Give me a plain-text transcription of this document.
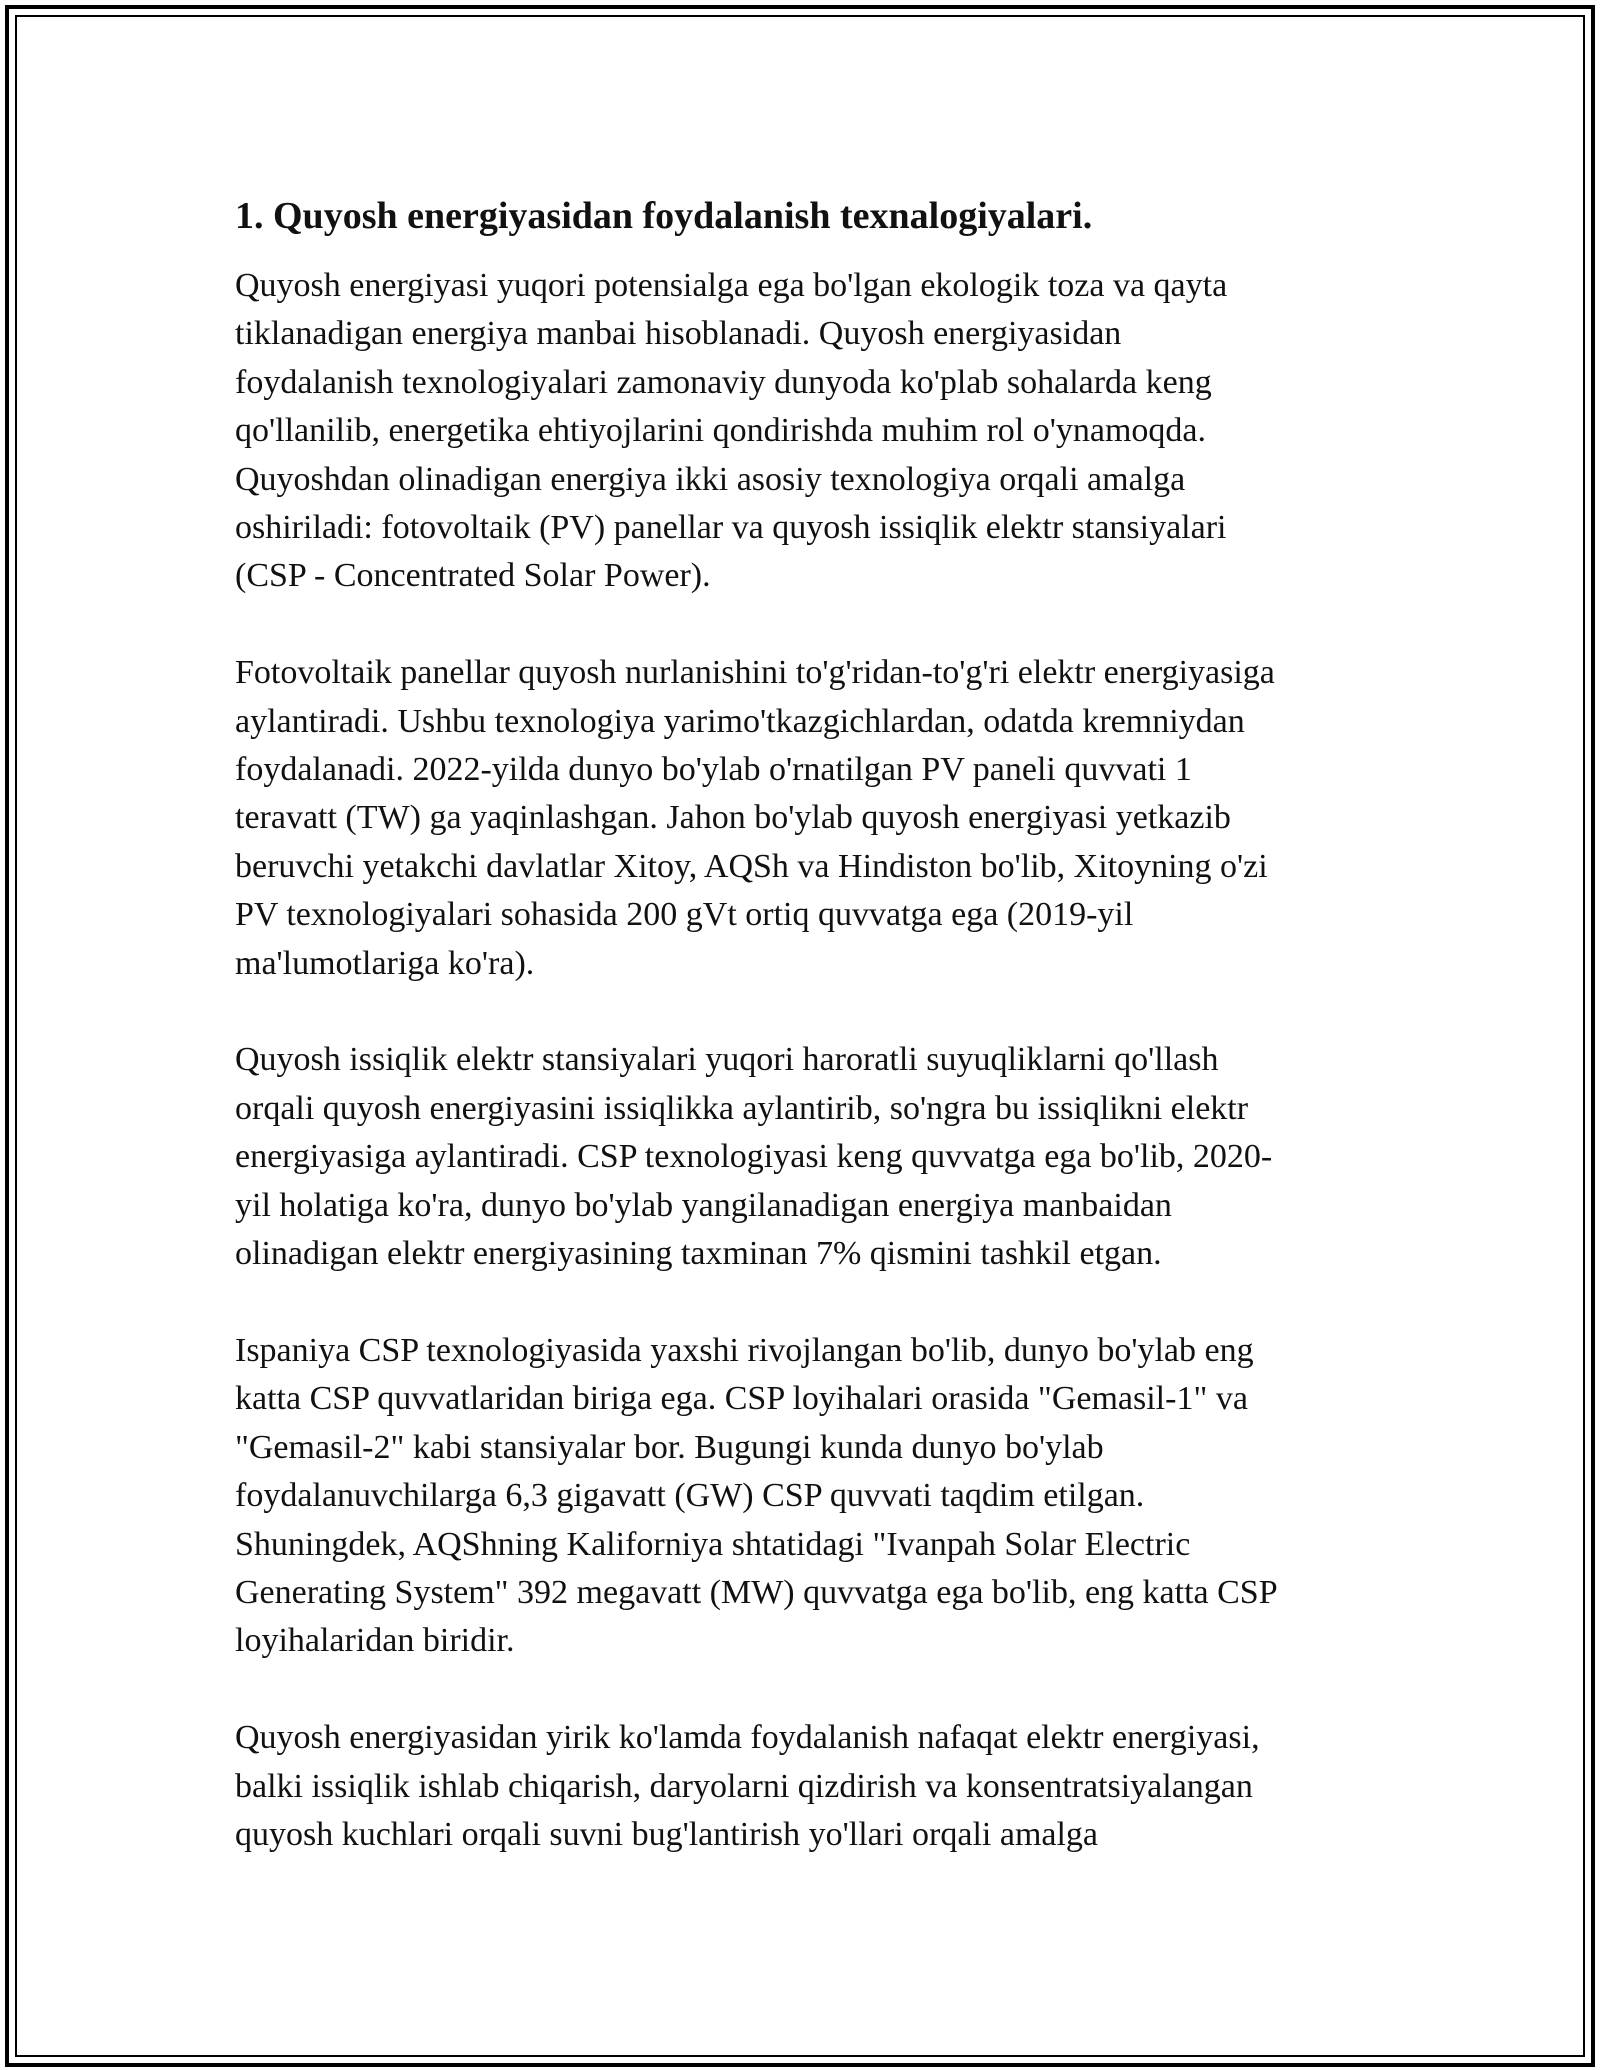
1. Quyosh energiyasidan foydalanish texnalogiyalari.

Quyosh energiyasi yuqori potensialga ega bo'lgan ekologik toza va qayta
tiklanadigan energiya manbai hisoblanadi. Quyosh energiyasidan
foydalanish texnologiyalari zamonaviy dunyoda ko'plab sohalarda keng
qo'llanilib, energetika ehtiyojlarini qondirishda muhim rol o'ynamoqda.
Quyoshdan olinadigan energiya ikki asosiy texnologiya orqali amalga
oshiriladi: fotovoltaik (PV) panellar va quyosh issiqlik elektr stansiyalari
(CSP - Concentrated Solar Power).

Fotovoltaik panellar quyosh nurlanishini to'g'ridan-to'g'ri elektr energiyasiga
aylantiradi. Ushbu texnologiya yarimo'tkazgichlardan, odatda kremniydan
foydalanadi. 2022-yilda dunyo bo'ylab o'rnatilgan PV paneli quvvati 1
teravatt (TW) ga yaqinlashgan. Jahon bo'ylab quyosh energiyasi yetkazib
beruvchi yetakchi davlatlar Xitoy, AQSh va Hindiston bo'lib, Xitoyning o'zi
PV texnologiyalari sohasida 200 gVt ortiq quvvatga ega (2019-yil
ma'lumotlariga ko'ra).

Quyosh issiqlik elektr stansiyalari yuqori haroratli suyuqliklarni qo'llash
orqali quyosh energiyasini issiqlikka aylantirib, so'ngra bu issiqlikni elektr
energiyasiga aylantiradi. CSP texnologiyasi keng quvvatga ega bo'lib, 2020-
yil holatiga ko'ra, dunyo bo'ylab yangilanadigan energiya manbaidan
olinadigan elektr energiyasining taxminan 7% qismini tashkil etgan.

Ispaniya CSP texnologiyasida yaxshi rivojlangan bo'lib, dunyo bo'ylab eng
katta CSP quvvatlaridan biriga ega. CSP loyihalari orasida "Gemasil-1" va
"Gemasil-2" kabi stansiyalar bor. Bugungi kunda dunyo bo'ylab
foydalanuvchilarga 6,3 gigavatt (GW) CSP quvvati taqdim etilgan.
Shuningdek, AQShning Kaliforniya shtatidagi "Ivanpah Solar Electric
Generating System" 392 megavatt (MW) quvvatga ega bo'lib, eng katta CSP
loyihalaridan biridir.

Quyosh energiyasidan yirik ko'lamda foydalanish nafaqat elektr energiyasi,
balki issiqlik ishlab chiqarish, daryolarni qizdirish va konsentratsiyalangan
quyosh kuchlari orqali suvni bug'lantirish yo'llari orqali amalga
